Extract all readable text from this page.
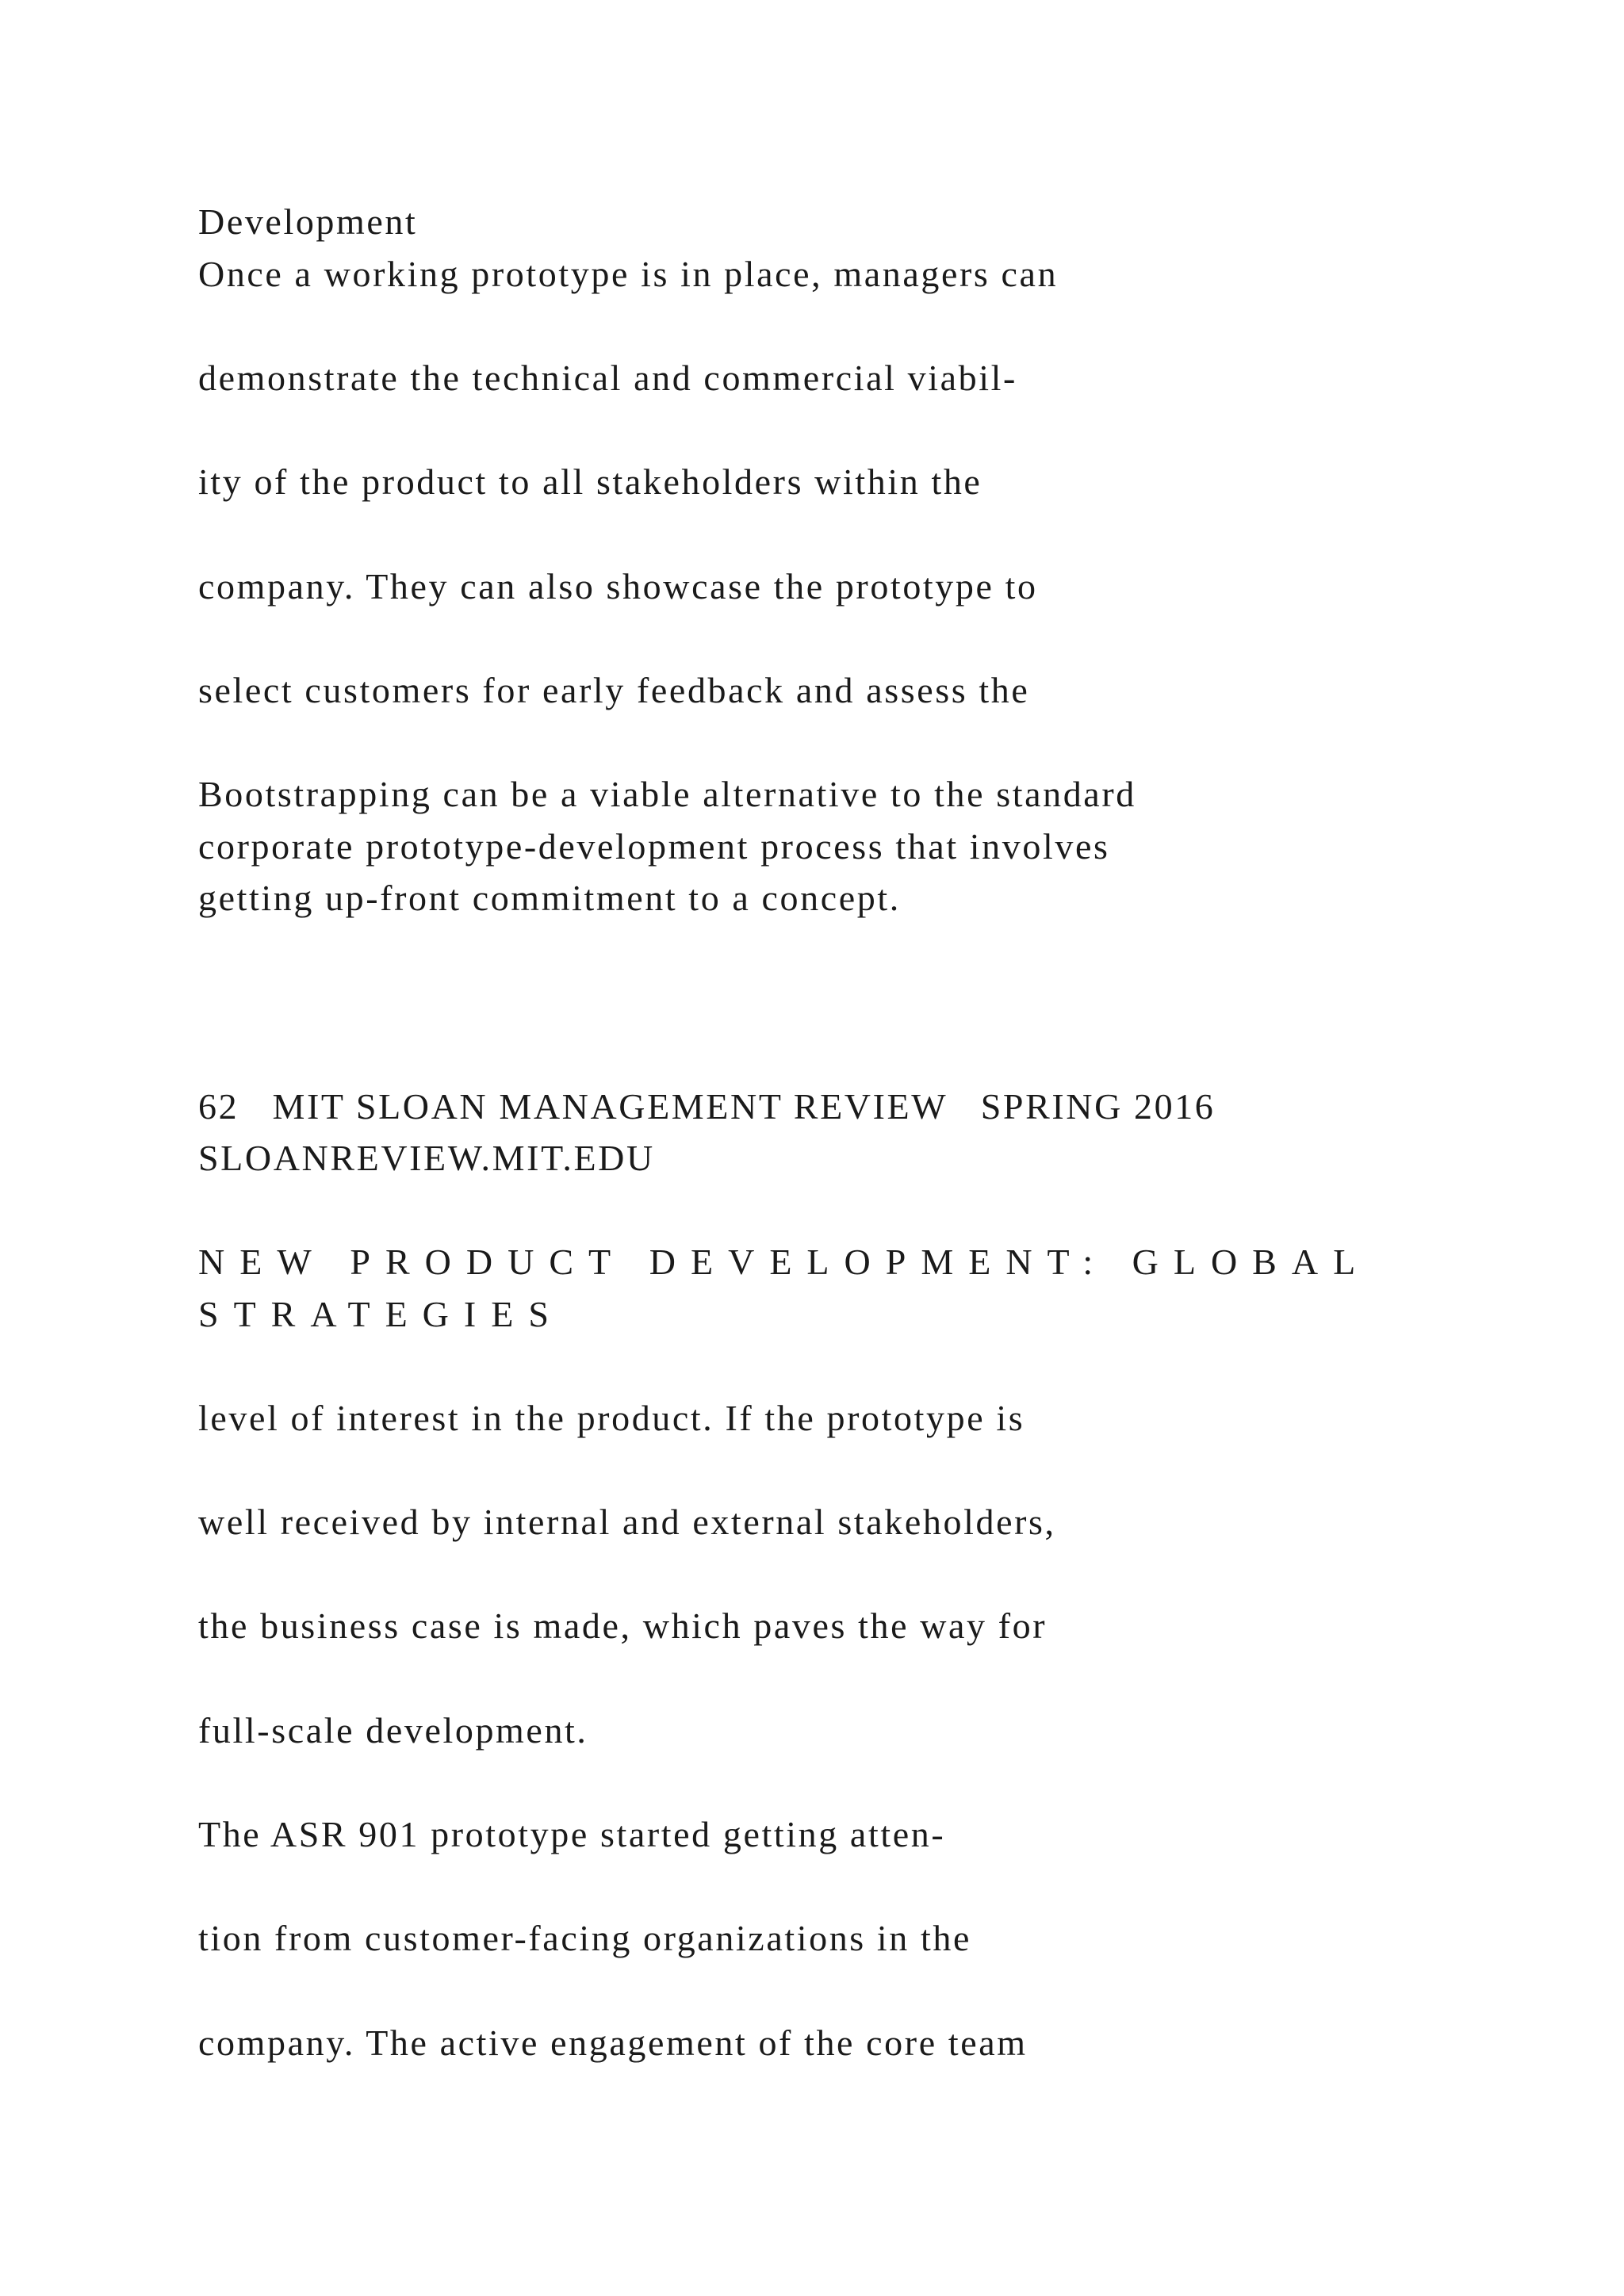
Development

Once a working prototype is in place, managers can

demonstrate the technical and commercial viabil-

ity of the product to all stakeholders within the

company. They can also showcase the prototype to

select customers for early feedback and assess the

Bootstrapping can be a viable alternative to the standard

corporate prototype-development process that involves

getting up-front commitment to a concept.

62   MIT SLOAN MANAGEMENT REVIEW   SPRING 2016

SLOANREVIEW.MIT.EDU

NEW PRODUCT DEVELOPMENT: GLOBAL

STRATEGIES

level of interest in the product. If the prototype is

well received by internal and external stakeholders,

the business case is made, which paves the way for

full-scale development.

The ASR 901 prototype started getting atten-

tion from customer-facing organizations in the

company. The active engagement of the core team
